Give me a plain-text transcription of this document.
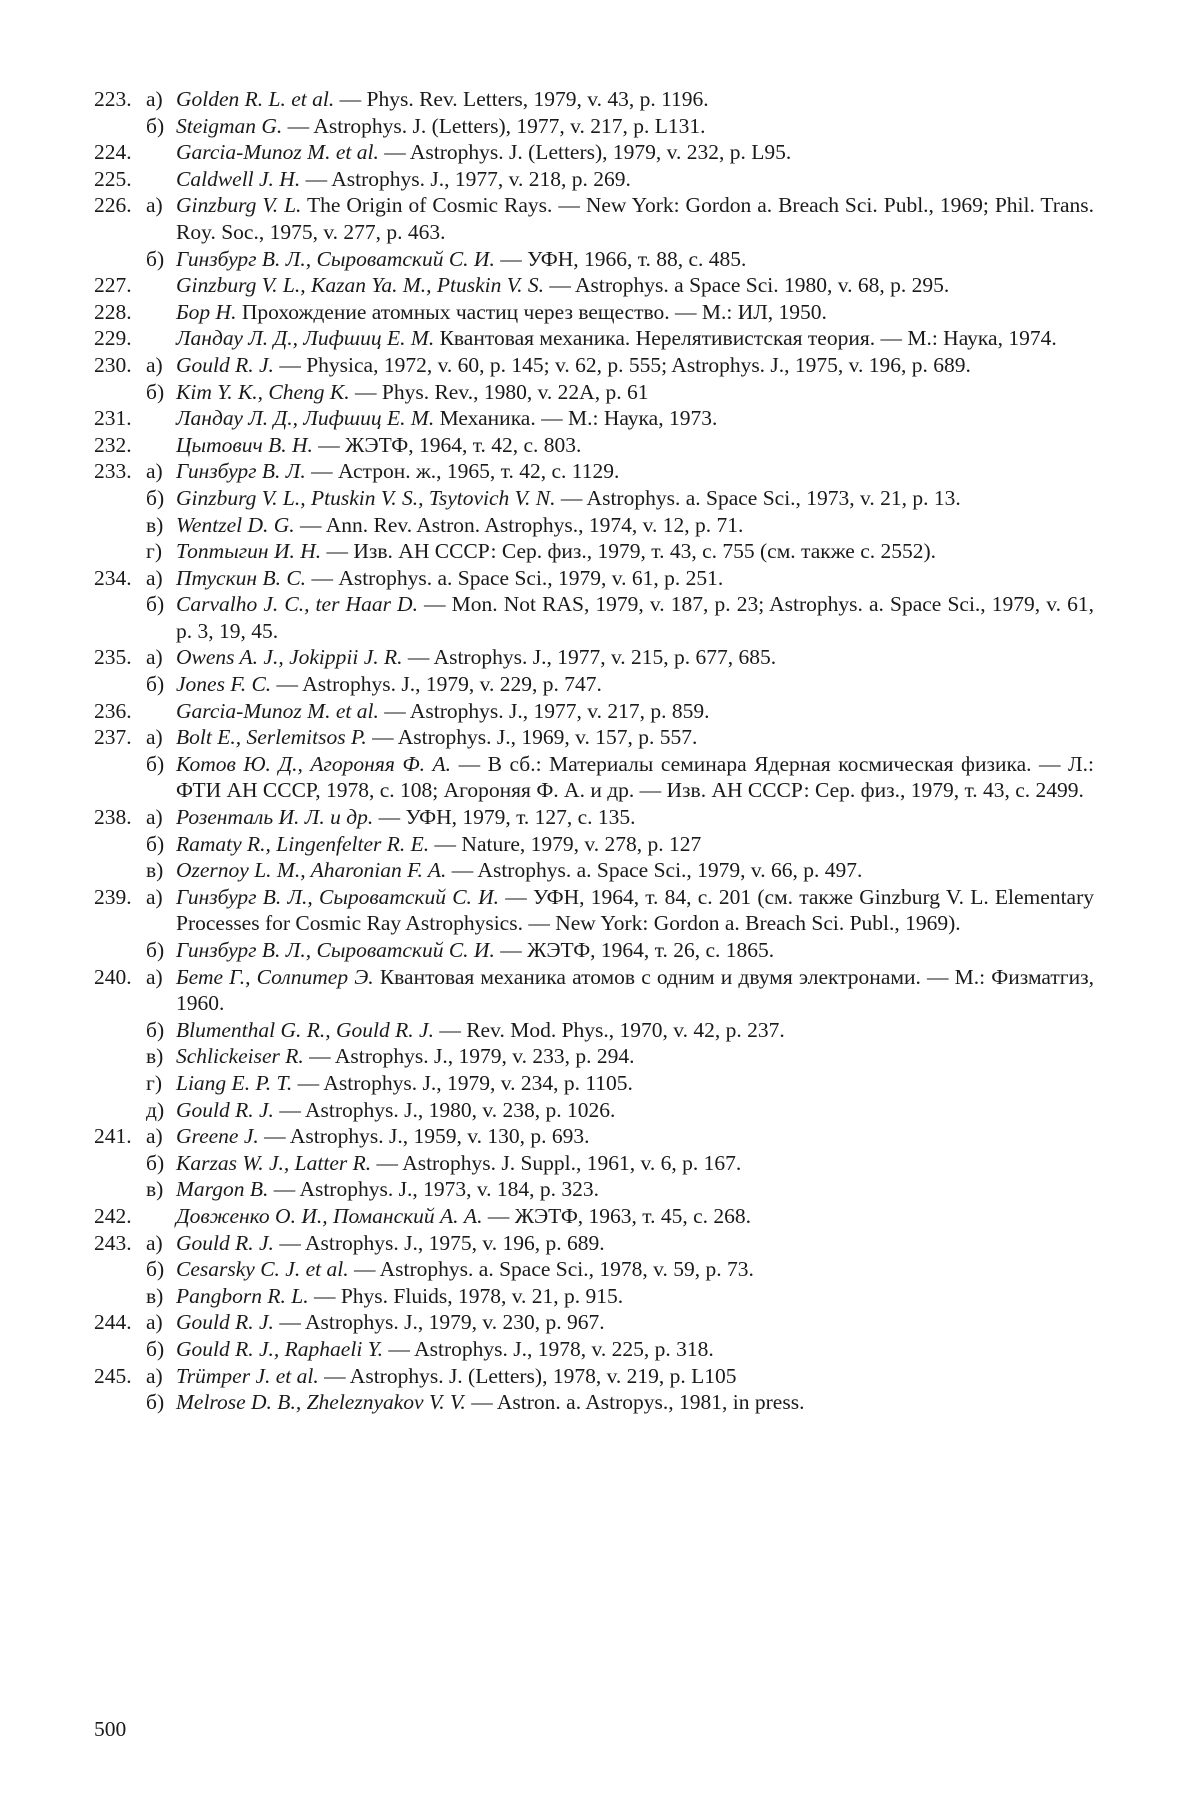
223. а) Golden R. L. et al. — Phys. Rev. Letters, 1979, v. 43, p. 1196.
б) Steigman G. — Astrophys. J. (Letters), 1977, v. 217, p. L131.
224. Garcia-Munoz M. et al. — Astrophys. J. (Letters), 1979, v. 232, p. L95.
225. Caldwell J. H. — Astrophys. J., 1977, v. 218, p. 269.
226. а) Ginzburg V. L. The Origin of Cosmic Rays. — New York: Gordon a. Breach Sci. Publ., 1969; Phil. Trans. Roy. Soc., 1975, v. 277, p. 463.
б) Гинзбург В. Л., Сыроватский С. И. — УФН, 1966, т. 88, с. 485.
227. Ginzburg V. L., Kazan Ya. M., Ptuskin V. S. — Astrophys. a Space Sci. 1980, v. 68, p. 295.
228. Бор Н. Прохождение атомных частиц через вещество. — М.: ИЛ, 1950.
229. Ландау Л. Д., Лифшиц Е. М. Квантовая механика. Нерелятивистская теория. — М.: Наука, 1974.
230. а) Gould R. J. — Physica, 1972, v. 60, p. 145; v. 62, p. 555; Astrophys. J., 1975, v. 196, p. 689.
б) Kim Y. K., Cheng K. — Phys. Rev., 1980, v. 22A, p. 61
231. Ландау Л. Д., Лифшиц Е. М. Механика. — М.: Наука, 1973.
232. Цытович В. Н. — ЖЭТФ, 1964, т. 42, с. 803.
233. а) Гинзбург В. Л. — Астрон. ж., 1965, т. 42, с. 1129.
б) Ginzburg V. L., Ptuskin V. S., Tsytovich V. N. — Astrophys. a. Space Sci., 1973, v. 21, p. 13.
в) Wentzel D. G. — Ann. Rev. Astron. Astrophys., 1974, v. 12, p. 71.
г) Топтыгин И. Н. — Изв. АН СССР: Сер. физ., 1979, т. 43, с. 755 (см. также с. 2552).
234. а) Птускин В. С. — Astrophys. a. Space Sci., 1979, v. 61, p. 251.
б) Carvalho J. C., ter Haar D. — Mon. Not RAS, 1979, v. 187, p. 23; Astrophys. a. Space Sci., 1979, v. 61, p. 3, 19, 45.
235. а) Owens A. J., Jokippii J. R. — Astrophys. J., 1977, v. 215, p. 677, 685.
б) Jones F. C. — Astrophys. J., 1979, v. 229, p. 747.
236. Garcia-Munoz M. et al. — Astrophys. J., 1977, v. 217, p. 859.
237. а) Bolt E., Serlemitsos P. — Astrophys. J., 1969, v. 157, p. 557.
б) Котов Ю. Д., Агороняя Ф. А. — В сб.: Материалы семинара Ядерная космическая физика. — Л.: ФТИ АН СССР, 1978, с. 108; Агороняя Ф. А. и др. — Изв. АН СССР: Сер. физ., 1979, т. 43, с. 2499.
238. а) Розенталь И. Л. и др. — УФН, 1979, т. 127, с. 135.
б) Ramaty R., Lingenfelter R. E. — Nature, 1979, v. 278, p. 127
в) Ozernoy L. M., Aharonian F. A. — Astrophys. a. Space Sci., 1979, v. 66, p. 497.
239. а) Гинзбург В. Л., Сыроватский С. И. — УФН, 1964, т. 84, с. 201 (см. также Ginzburg V. L. Elementary Processes for Cosmic Ray Astrophysics. — New York: Gordon a. Breach Sci. Publ., 1969).
б) Гинзбург В. Л., Сыроватский С. И. — ЖЭТФ, 1964, т. 26, с. 1865.
240. а) Бете Г., Солпитер Э. Квантовая механика атомов с одним и двумя электронами. — М.: Физматгиз, 1960.
б) Blumenthal G. R., Gould R. J. — Rev. Mod. Phys., 1970, v. 42, p. 237.
в) Schlickeiser R. — Astrophys. J., 1979, v. 233, p. 294.
г) Liang E. P. T. — Astrophys. J., 1979, v. 234, p. 1105.
д) Gould R. J. — Astrophys. J., 1980, v. 238, p. 1026.
241. а) Greene J. — Astrophys. J., 1959, v. 130, p. 693.
б) Karzas W. J., Latter R. — Astrophys. J. Suppl., 1961, v. 6, p. 167.
в) Margon B. — Astrophys. J., 1973, v. 184, p. 323.
242. Довженко О. И., Поманский А. А. — ЖЭТФ, 1963, т. 45, с. 268.
243. а) Gould R. J. — Astrophys. J., 1975, v. 196, p. 689.
б) Cesarsky C. J. et al. — Astrophys. a. Space Sci., 1978, v. 59, p. 73.
в) Pangborn R. L. — Phys. Fluids, 1978, v. 21, p. 915.
244. а) Gould R. J. — Astrophys. J., 1979, v. 230, p. 967.
б) Gould R. J., Raphaeli Y. — Astrophys. J., 1978, v. 225, p. 318.
245. а) Trümper J. et al. — Astrophys. J. (Letters), 1978, v. 219, p. L105
б) Melrose D. B., Zheleznyakov V. V. — Astron. a. Astropys., 1981, in press.
500
